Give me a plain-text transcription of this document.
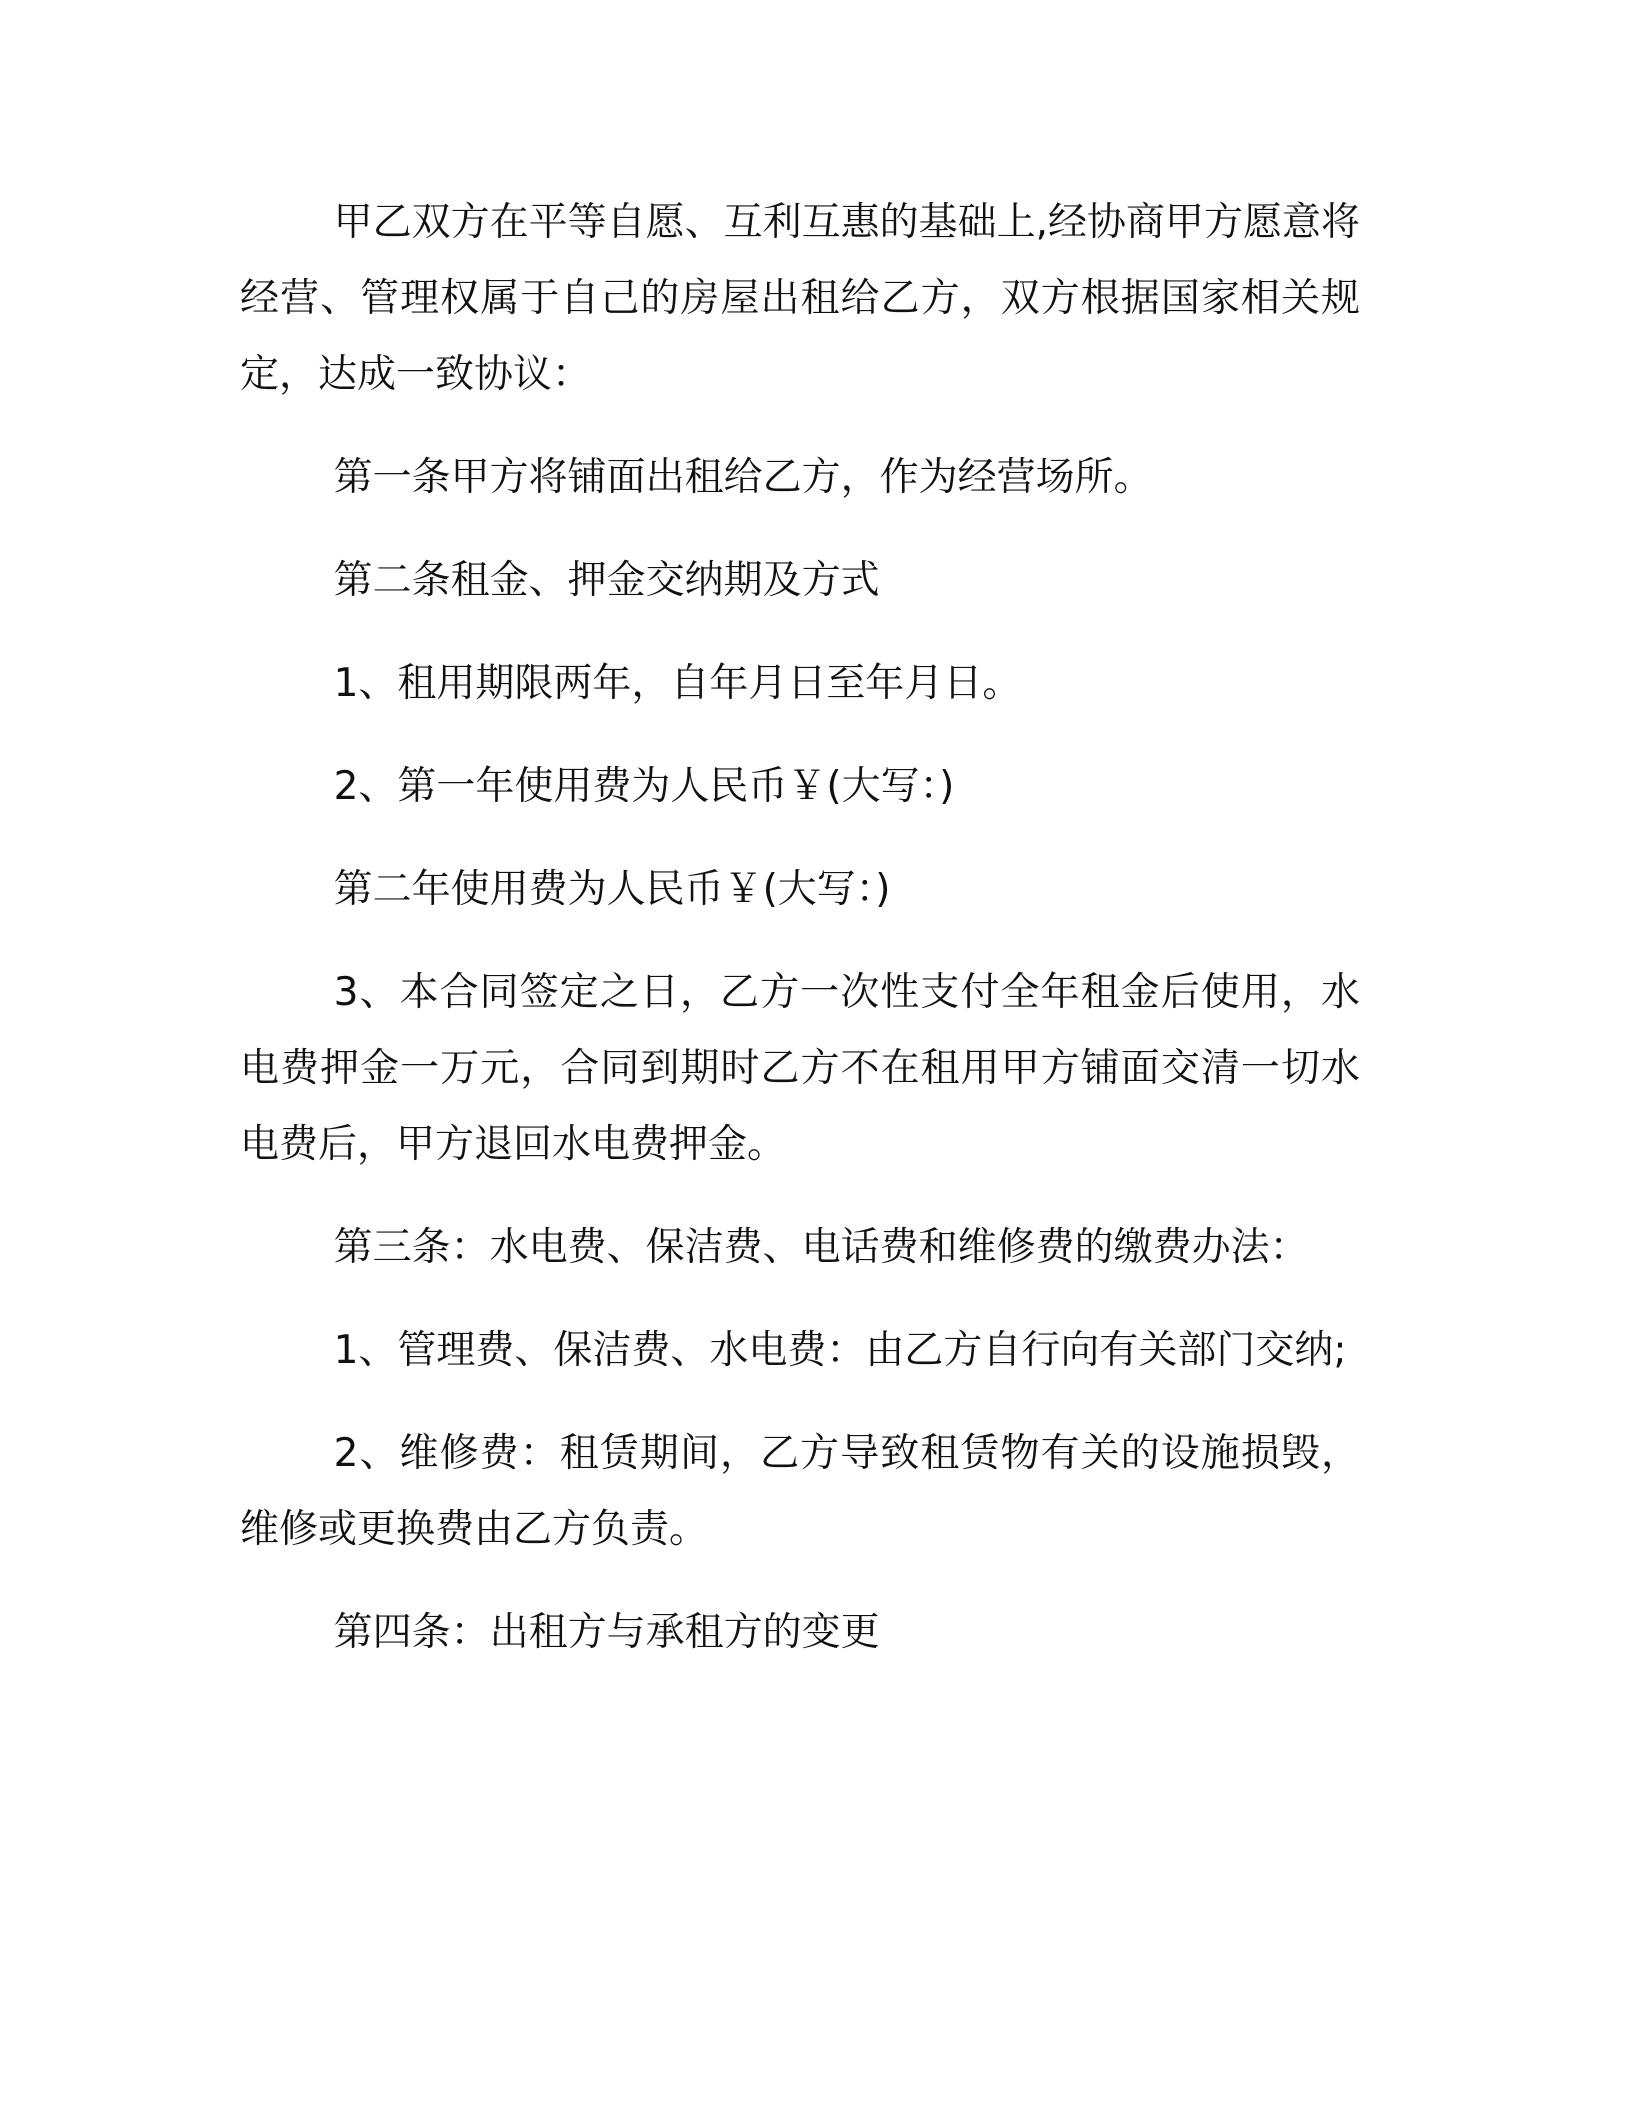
甲乙双方在平等自愿、互利互惠的基础上,经协商甲方愿意将经营、管理权属于自己的房屋出租给乙方，双方根据国家相关规定，达成一致协议：

第一条甲方将铺面出租给乙方，作为经营场所。

第二条租金、押金交纳期及方式

1、租用期限两年，自年月日至年月日。

2、第一年使用费为人民币￥(大写：)

第二年使用费为人民币￥(大写：)

3、本合同签定之日，乙方一次性支付全年租金后使用，水电费押金一万元，合同到期时乙方不在租用甲方铺面交清一切水电费后，甲方退回水电费押金。

第三条：水电费、保洁费、电话费和维修费的缴费办法：

1、管理费、保洁费、水电费：由乙方自行向有关部门交纳;

2、维修费：租赁期间，乙方导致租赁物有关的设施损毁，维修或更换费由乙方负责。

第四条：出租方与承租方的变更
